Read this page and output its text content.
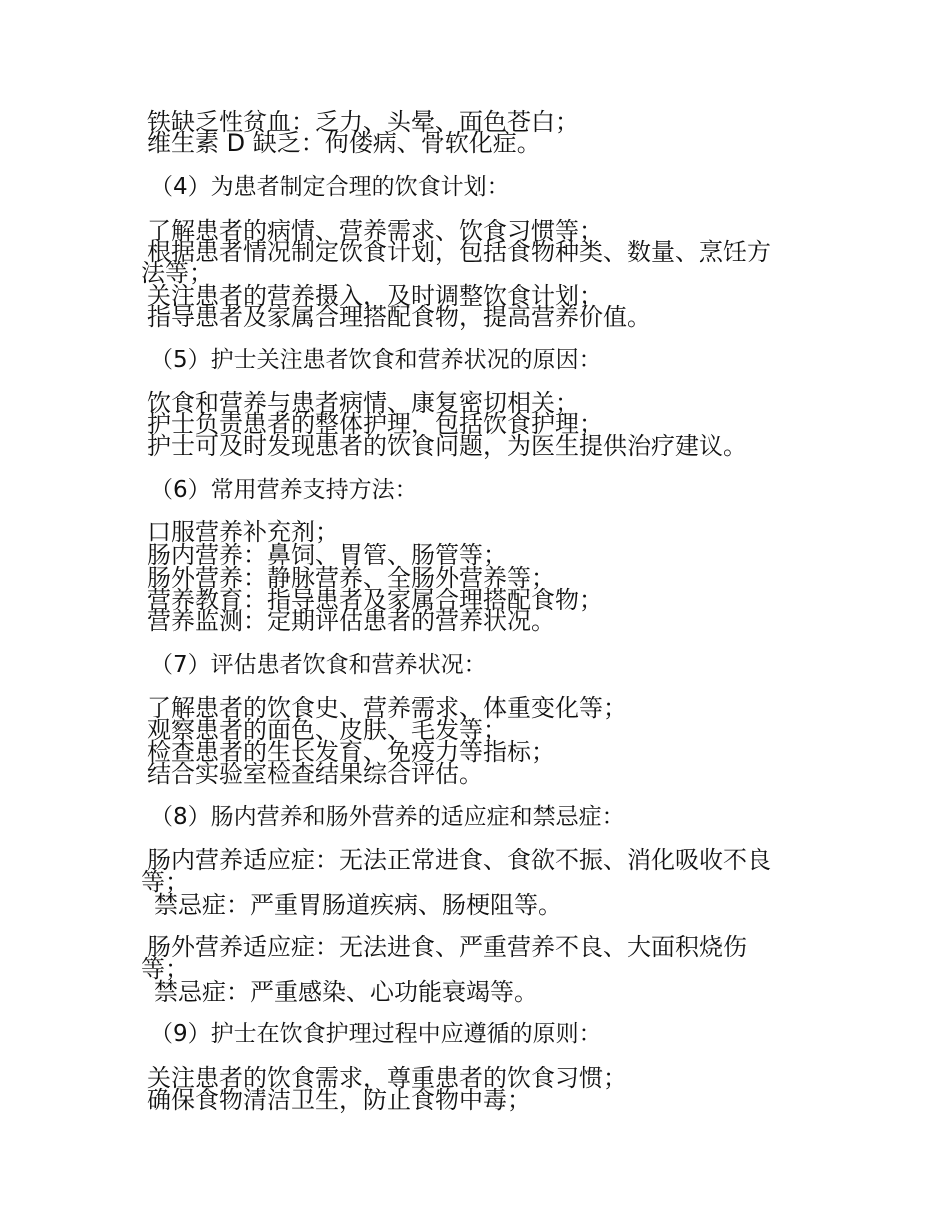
铁缺乏性贫血：乏力、头晕、面色苍白；
维生素 D 缺乏：佝偻病、骨软化症。
（4）为患者制定合理的饮食计划：
了解患者的病情、营养需求、饮食习惯等；
根据患者情况制定饮食计划，包括食物种类、数量、烹饪方
法等；
关注患者的营养摄入，及时调整饮食计划；
指导患者及家属合理搭配食物，提高营养价值。
（5）护士关注患者饮食和营养状况的原因：
饮食和营养与患者病情、康复密切相关；
护士负责患者的整体护理，包括饮食护理；
护士可及时发现患者的饮食问题，为医生提供治疗建议。
（6）常用营养支持方法：
口服营养补充剂；
肠内营养：鼻饲、胃管、肠管等；
肠外营养：静脉营养、全肠外营养等；
营养教育：指导患者及家属合理搭配食物；
营养监测：定期评估患者的营养状况。
（7）评估患者饮食和营养状况：
了解患者的饮食史、营养需求、体重变化等；
观察患者的面色、皮肤、毛发等；
检查患者的生长发育、免疫力等指标；
结合实验室检查结果综合评估。
（8）肠内营养和肠外营养的适应症和禁忌症：
肠内营养适应症：无法正常进食、食欲不振、消化吸收不良
等；
禁忌症：严重胃肠道疾病、肠梗阻等。
肠外营养适应症：无法进食、严重营养不良、大面积烧伤
等；
禁忌症：严重感染、心功能衰竭等。
（9）护士在饮食护理过程中应遵循的原则：
关注患者的饮食需求，尊重患者的饮食习惯；
确保食物清洁卫生，防止食物中毒；
